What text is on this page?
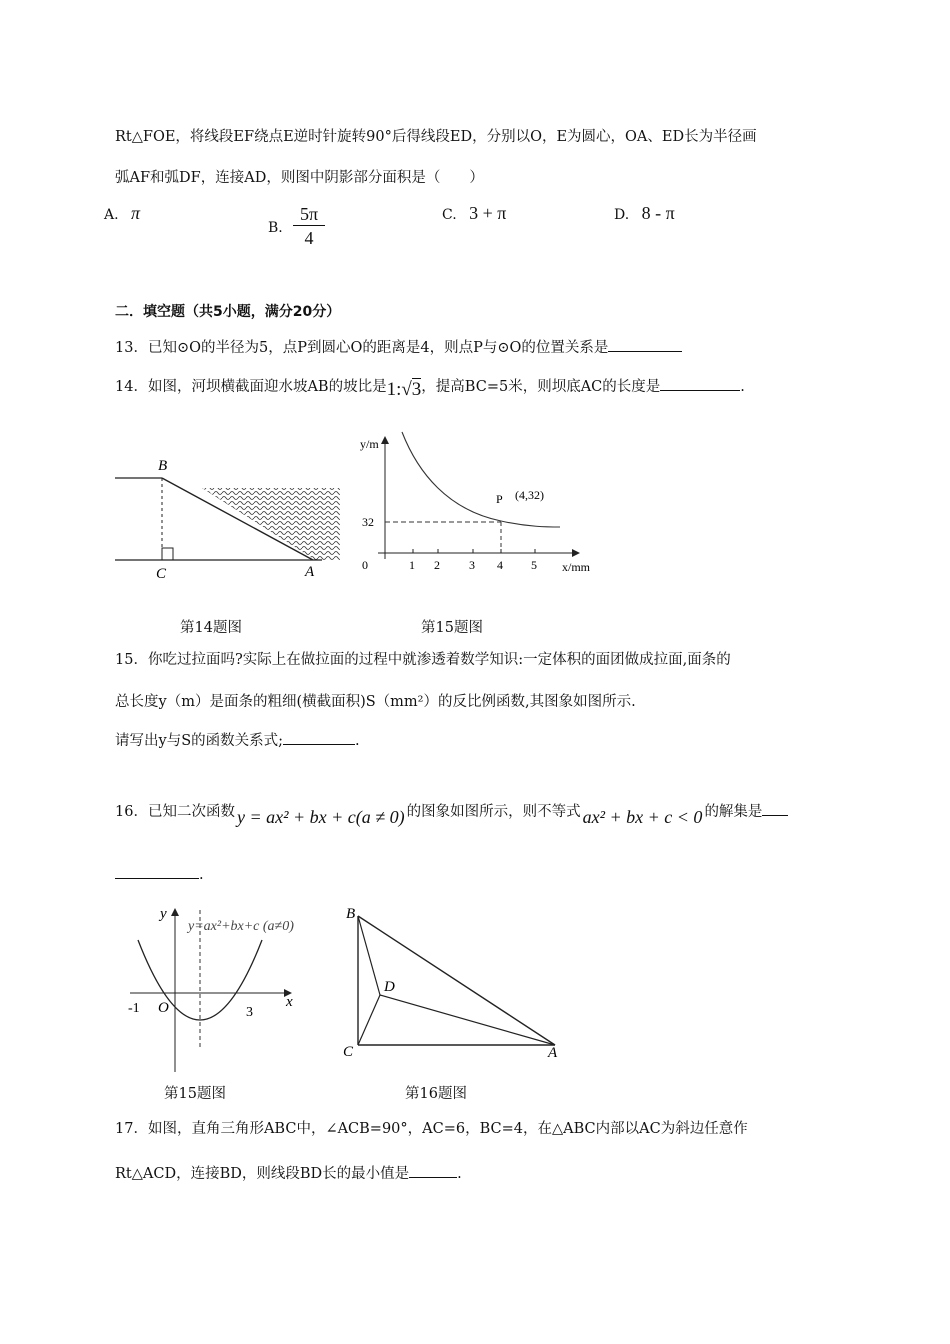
Rt△FOE，将线段EF绕点E逆时针旋转90°后得线段ED，分别以O，E为圆心，OA、ED长为半径画
弧AF和弧DF，连接AD，则图中阴影部分面积是（　　）
A. π
B. $\frac{5\pi}{4}$	C. 3 + π	D. 8 - π
二．填空题（共5小题，满分20分）
13．已知⊙O的半径为5，点P到圆心O的距离是4，则点P与⊙O的位置关系是
14．如图，河坝横截面迎水坡AB的坡比是1:√3，提高BC=5米，则坝底AC的长度是	.
B
C	A
y/m
x/mm
0	1 2 3 4 5
32
P (4,32)
第14题图	第15题图
15．你吃过拉面吗?实际上在做拉面的过程中就渗透着数学知识:一定体积的面团做成拉面,面条的
总长度y（m）是面条的粗细(横截面积)S（mm²）的反比例函数,其图象如图所示.
请写出y与S的函数关系式;	.
16．已知二次函数 y = ax² + bx + c(a ≠ 0) 的图象如图所示，则不等式 ax² + bx + c < 0 的解集是
.
y
x
y=ax²+bx+c (a≠0)
-1 O	3
B
D
C	A
第15题图	第16题图
17．如图，直角三角形ABC中，∠ACB=90°，AC=6，BC=4，在△ABC内部以AC为斜边任意作
Rt△ACD，连接BD，则线段BD长的最小值是	.
